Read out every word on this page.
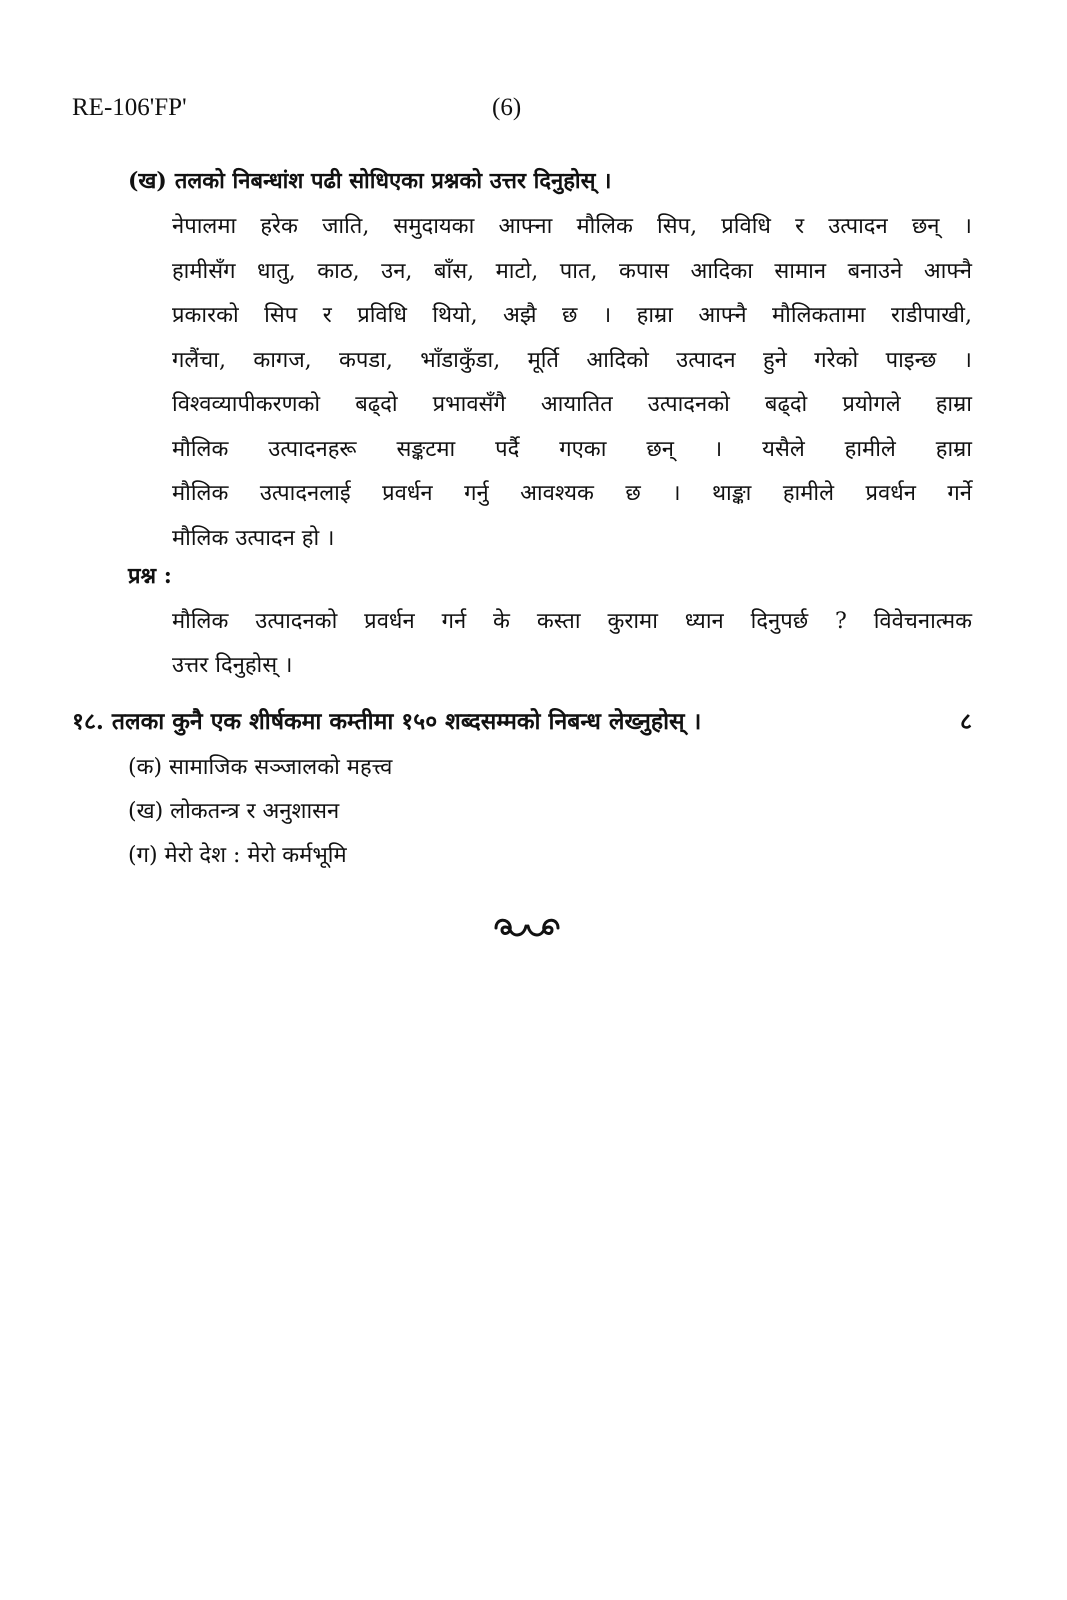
RE-106'FP'	(6)
(ख) तलको निबन्धांश पढी सोधिएका प्रश्नको उत्तर दिनुहोस् ।
नेपालमा हरेक जाति, समुदायका आफ्ना मौलिक सिप, प्रविधि र उत्पादन छन् ।
हामीसँग धातु, काठ, उन, बाँस, माटो, पात, कपास आदिका सामान बनाउने आफ्नै
प्रकारको सिप र प्रविधि थियो, अझै छ । हाम्रा आफ्नै मौलिकतामा राडीपाखी,
गलैंचा, कागज, कपडा, भाँडाकुँडा, मूर्ति आदिको उत्पादन हुने गरेको पाइन्छ ।
विश्वव्यापीकरणको बढ्दो प्रभावसँगै आयातित उत्पादनको बढ्दो प्रयोगले हाम्रा
मौलिक उत्पादनहरू सङ्कटमा पर्दै गएका छन् । यसैले हामीले हाम्रा
मौलिक उत्पादनलाई प्रवर्धन गर्नु आवश्यक छ । थाङ्का हामीले प्रवर्धन गर्ने
मौलिक उत्पादन हो ।
प्रश्न :
मौलिक उत्पादनको प्रवर्धन गर्न के कस्ता कुरामा ध्यान दिनुपर्छ ? विवेचनात्मक
उत्तर दिनुहोस् ।
१८. तलका कुनै एक शीर्षकमा कम्तीमा १५० शब्दसम्मको निबन्ध लेख्नुहोस् ।	८
(क) सामाजिक सञ्जालको महत्त्व
(ख) लोकतन्त्र र अनुशासन
(ग) मेरो देश : मेरो कर्मभूमि
